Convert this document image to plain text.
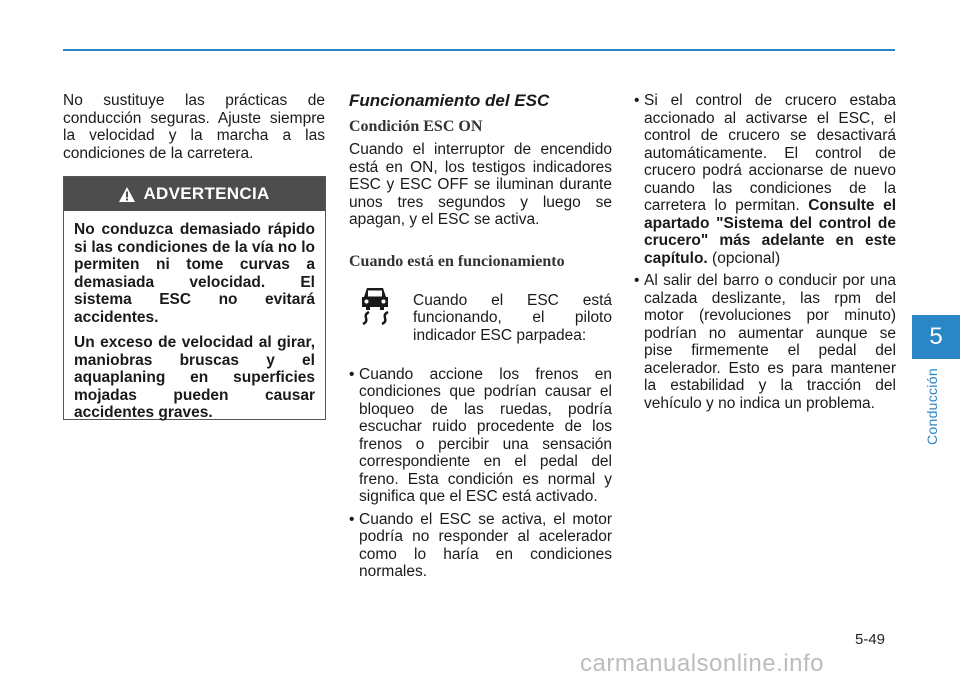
No sustituye las prácticas de conducción seguras. Ajuste siempre la velocidad y la marcha a las condiciones de la carretera.

ADVERTENCIA

No conduzca demasiado rápido si las condiciones de la vía no lo permiten ni tome curvas a demasiada velocidad. El sistema ESC no evitará accidentes.

Un exceso de velocidad al girar, maniobras bruscas y el aquaplaning en superficies mojadas pueden causar accidentes graves.

Funcionamiento del ESC

Condición ESC ON

Cuando el interruptor de encendido está en ON, los testigos indicadores ESC y ESC OFF se iluminan durante unos tres segundos y luego se apagan, y el ESC se activa.

Cuando está en funcionamiento

Cuando el ESC está funcionando, el piloto indicador ESC parpadea:

• Cuando accione los frenos en condiciones que podrían causar el bloqueo de las ruedas, podría escuchar ruido procedente de los frenos o percibir una sensación correspondiente en el pedal del freno. Esta condición es normal y significa que el ESC está activado.

• Cuando el ESC se activa, el motor podría no responder al acelerador como lo haría en condiciones normales.

• Si el control de crucero estaba accionado al activarse el ESC, el control de crucero se desactivará automáticamente. El control de crucero podrá accionarse de nuevo cuando las condiciones de la carretera lo permitan. Consulte el apartado "Sistema del control de crucero" más adelante en este capítulo. (opcional)

• Al salir del barro o conducir por una calzada deslizante, las rpm del motor (revoluciones por minuto) podrían no aumentar aunque se pise firmemente el pedal del acelerador. Esto es para mantener la estabilidad y la tracción del vehículo y no indica un problema.

5
Conducción
5-49
carmanualsonline.info
